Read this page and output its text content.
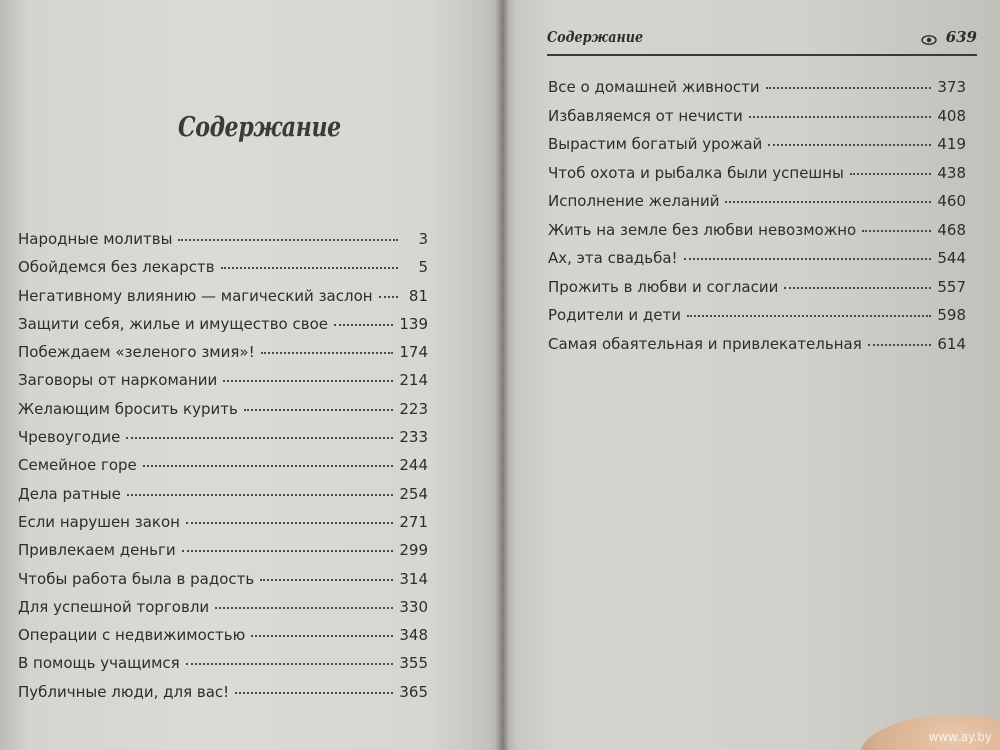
Содержание
Народные молитвы	3
Обойдемся без лекарств	5
Негативному влиянию — магический заслон	81
Защити себя, жилье и имущество свое	139
Побеждаем «зеленого змия»!	174
Заговоры от наркомании	214
Желающим бросить курить	223
Чревоугодие	233
Семейное горе	244
Дела ратные	254
Если нарушен закон	271
Привлекаем деньги	299
Чтобы работа была в радость	314
Для успешной торговли	330
Операции с недвижимостью	348
В помощь учащимся	355
Публичные люди, для вас!	365
Содержание	639
Все о домашней живности	373
Избавляемся от нечисти	408
Вырастим богатый урожай	419
Чтоб охота и рыбалка были успешны	438
Исполнение желаний	460
Жить на земле без любви невозможно	468
Ах, эта свадьба!	544
Прожить в любви и согласии	557
Родители и дети	598
Самая обаятельная и привлекательная	614
www.ay.by
